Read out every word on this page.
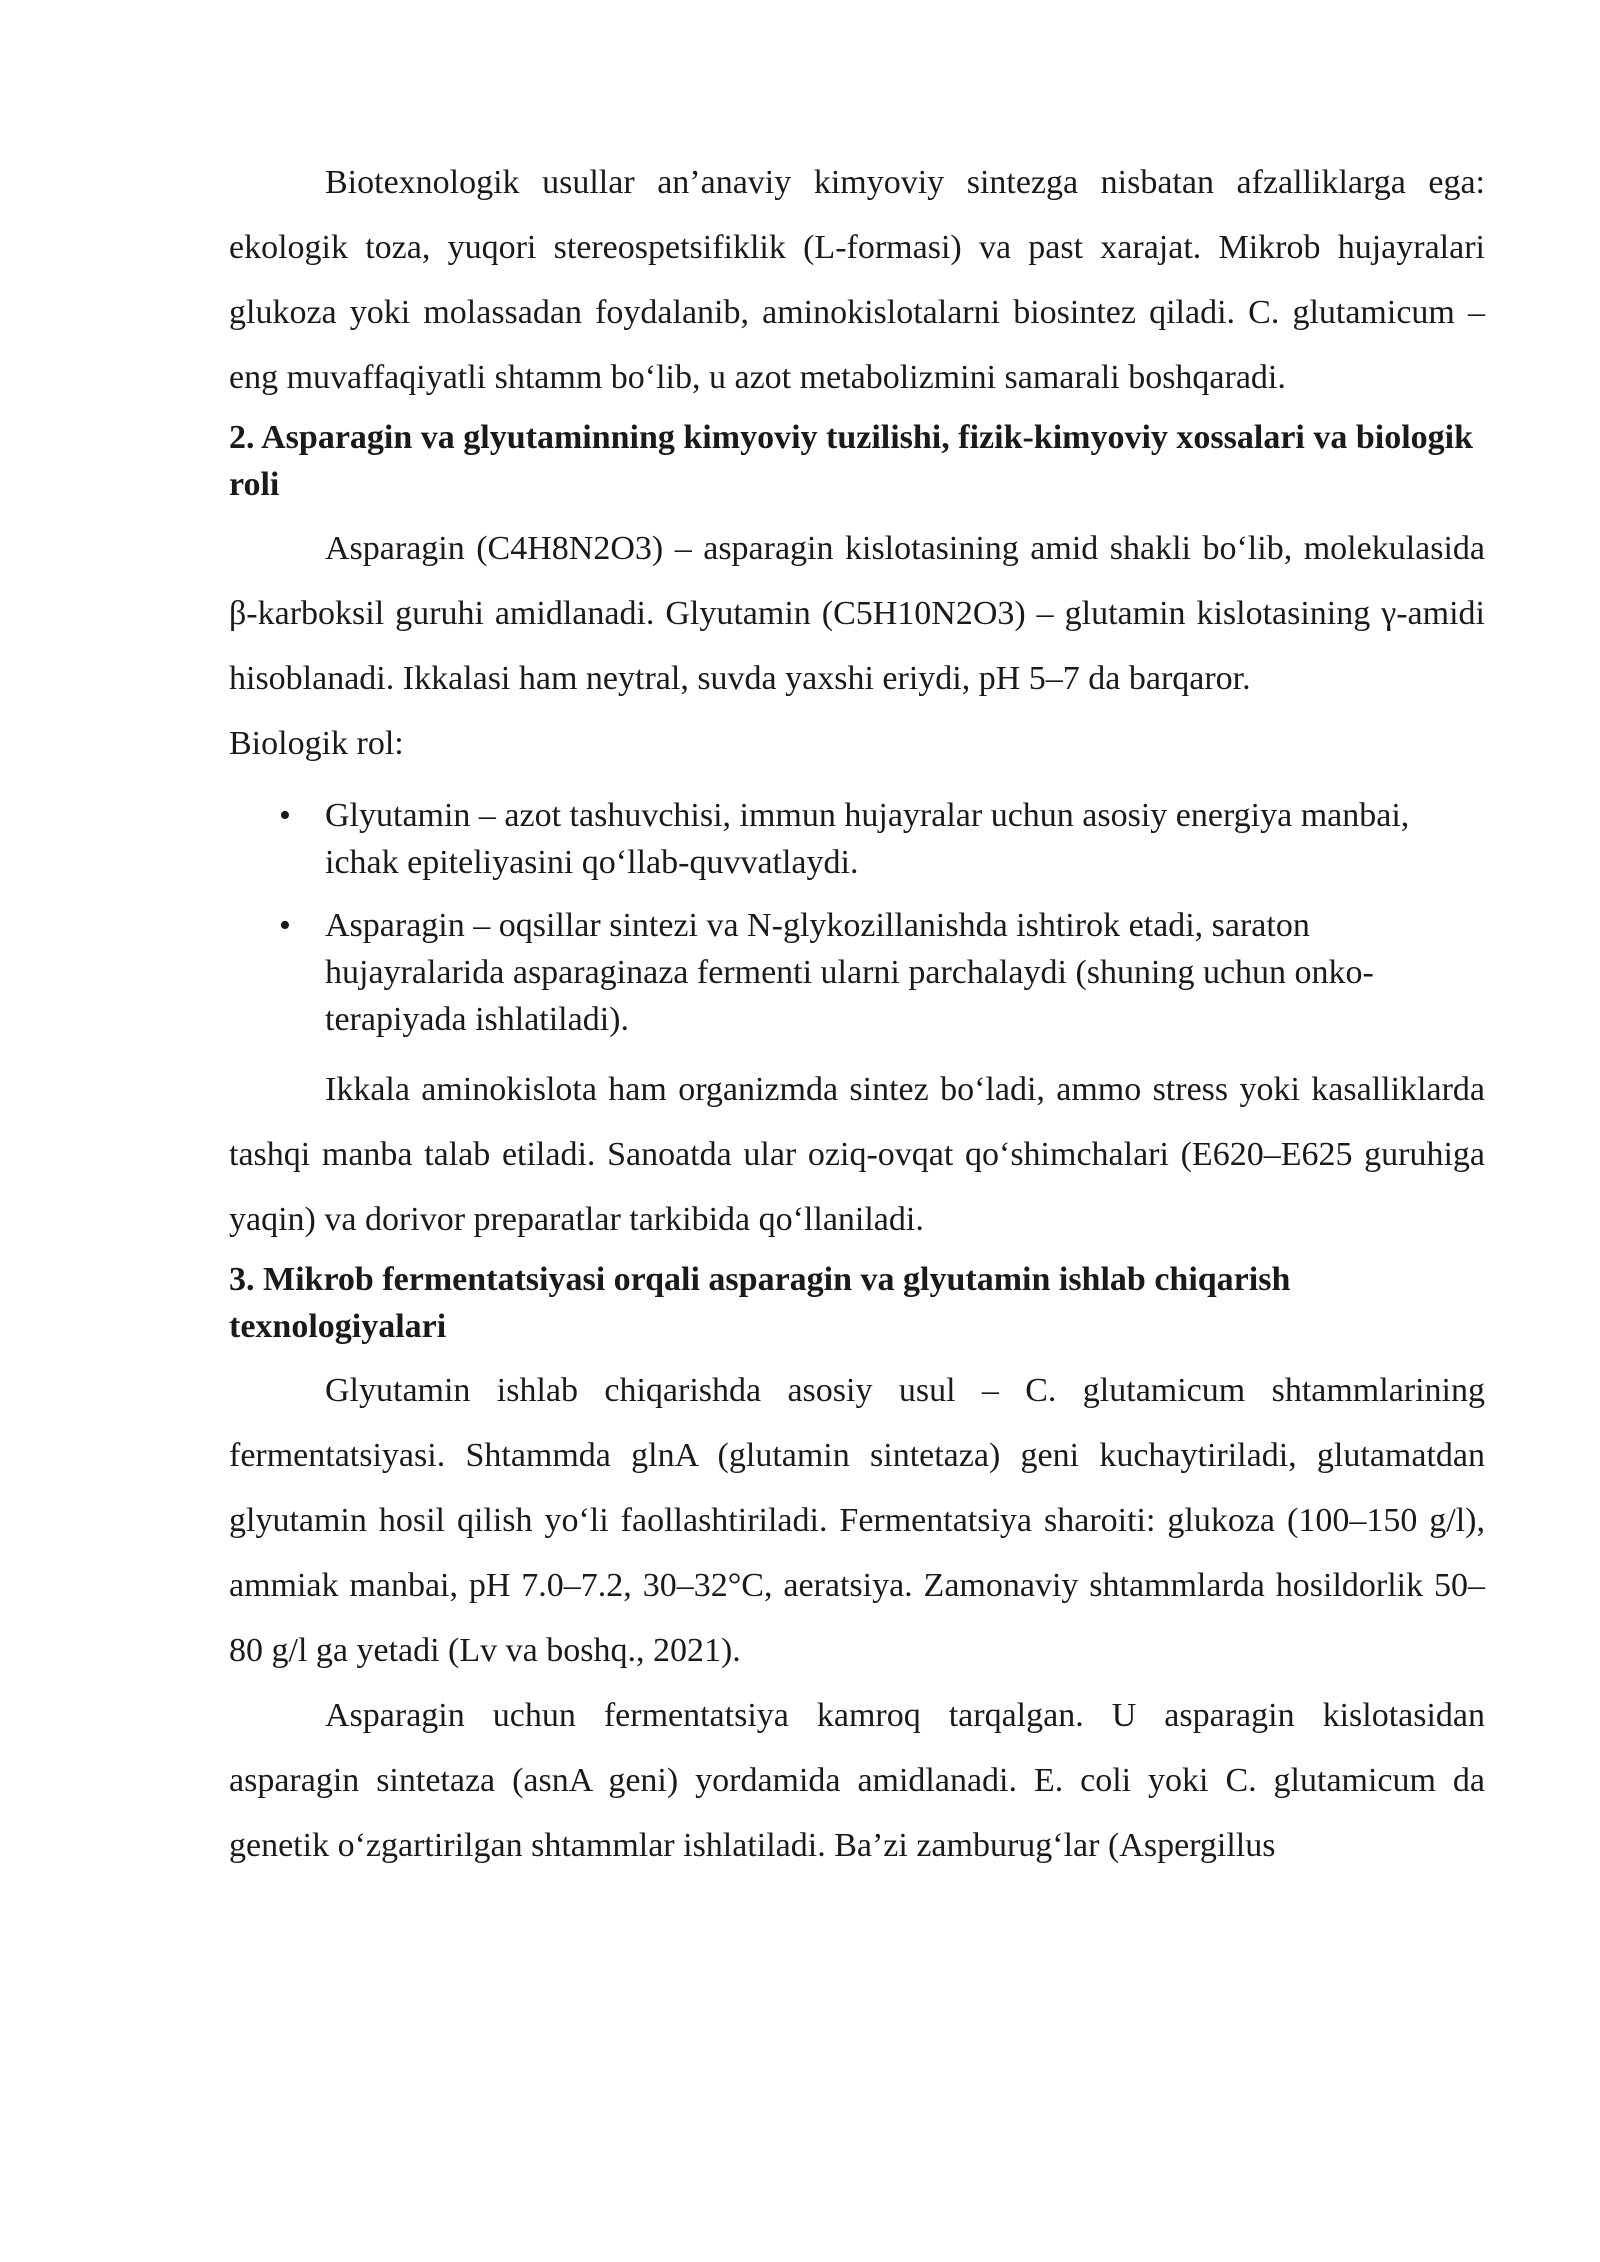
Biotexnologik usullar an’anaviy kimyoviy sintezga nisbatan afzalliklarga ega: ekologik toza, yuqori stereospetsifiklik (L-formasi) va past xarajat. Mikrob hujayralari glukoza yoki molassadan foydalanib, aminokislotalarni biosintez qiladi. C. glutamicum – eng muvaffaqiyatli shtamm bo‘lib, u azot metabolizmini samarali boshqaradi.

2. Asparagin va glyutaminning kimyoviy tuzilishi, fizik-kimyoviy xossalari va biologik roli

Asparagin (C4H8N2O3) – asparagin kislotasining amid shakli bo‘lib, molekulasida β-karboksil guruhi amidlanadi. Glyutamin (C5H10N2O3) – glutamin kislotasining γ-amidi hisoblanadi. Ikkalasi ham neytral, suvda yaxshi eriydi, pH 5–7 da barqaror.

Biologik rol:

• Glyutamin – azot tashuvchisi, immun hujayralar uchun asosiy energiya manbai, ichak epiteliyasini qo‘llab-quvvatlaydi.
• Asparagin – oqsillar sintezi va N-glykozillanishda ishtirok etadi, saraton hujayralarida asparaginaza fermenti ularni parchalaydi (shuning uchun onko-terapiyada ishlatiladi).

Ikkala aminokislota ham organizmda sintez bo‘ladi, ammo stress yoki kasalliklarda tashqi manba talab etiladi. Sanoatda ular oziq-ovqat qo‘shimchalari (E620–E625 guruhiga yaqin) va dorivor preparatlar tarkibida qo‘llaniladi.

3. Mikrob fermentatsiyasi orqali asparagin va glyutamin ishlab chiqarish texnologiyalari

Glyutamin ishlab chiqarishda asosiy usul – C. glutamicum shtammlarining fermentatsiyasi. Shtammda glnA (glutamin sintetaza) geni kuchaytiriladi, glutamatdan glyutamin hosil qilish yo‘li faollashtiriladi. Fermentatsiya sharoiti: glukoza (100–150 g/l), ammiak manbai, pH 7.0–7.2, 30–32°C, aeratsiya. Zamonaviy shtammlarda hosildorlik 50–80 g/l ga yetadi (Lv va boshq., 2021).

Asparagin uchun fermentatsiya kamroq tarqalgan. U asparagin kislotasidan asparagin sintetaza (asnA geni) yordamida amidlanadi. E. coli yoki C. glutamicum da genetik o‘zgartirilgan shtammlar ishlatiladi. Ba’zi zamburug‘lar (Aspergillus
